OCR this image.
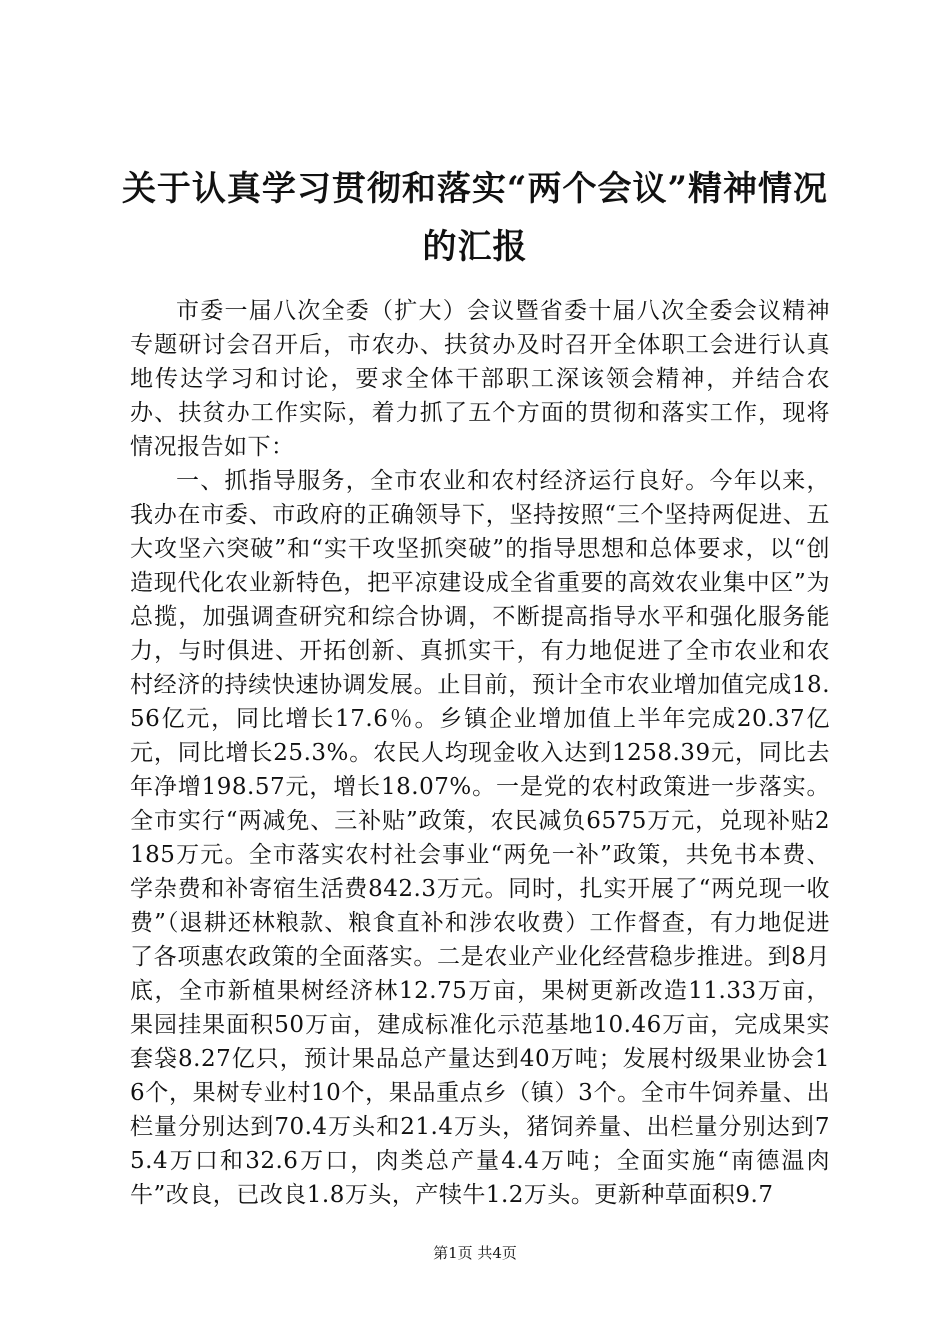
关于认真学习贯彻和落实“两个会议”精神情况的汇报

市委一届八次全委（扩大）会议暨省委十届八次全委会议精神专题研讨会召开后，市农办、扶贫办及时召开全体职工会进行认真地传达学习和讨论，要求全体干部职工深该领会精神，并结合农办、扶贫办工作实际，着力抓了五个方面的贯彻和落实工作，现将情况报告如下：

一、抓指导服务，全市农业和农村经济运行良好。今年以来，我办在市委、市政府的正确领导下，坚持按照“三个坚持两促进、五大攻坚六突破”和“实干攻坚抓突破”的指导思想和总体要求，以“创造现代化农业新特色，把平凉建设成全省重要的高效农业集中区”为总揽，加强调查研究和综合协调，不断提高指导水平和强化服务能力，与时俱进、开拓创新、真抓实干，有力地促进了全市农业和农村经济的持续快速协调发展。止目前，预计全市农业增加值完成18.56亿元，同比增长17.6％。乡镇企业增加值上半年完成20.37亿元，同比增长25.3%。农民人均现金收入达到1258.39元，同比去年净增198.57元，增长18.07%。一是党的农村政策进一步落实。全市实行“两减免、三补贴”政策，农民减负6575万元，兑现补贴2185万元。全市落实农村社会事业“两免一补”政策，共免书本费、学杂费和补寄宿生活费842.3万元。同时，扎实开展了“两兑现一收费”（退耕还林粮款、粮食直补和涉农收费）工作督查，有力地促进了各项惠农政策的全面落实。二是农业产业化经营稳步推进。到8月底，全市新植果树经济林12.75万亩，果树更新改造11.33万亩，果园挂果面积50万亩，建成标准化示范基地10.46万亩，完成果实套袋8.27亿只，预计果品总产量达到40万吨；发展村级果业协会16个，果树专业村10个，果品重点乡（镇）3个。全市牛饲养量、出栏量分别达到70.4万头和21.4万头，猪饲养量、出栏量分别达到75.4万口和32.6万口，肉类总产量4.4万吨；全面实施“南德温肉牛”改良，已改良1.8万头，产犊牛1.2万头。更新种草面积9.7

第1页 共4页
